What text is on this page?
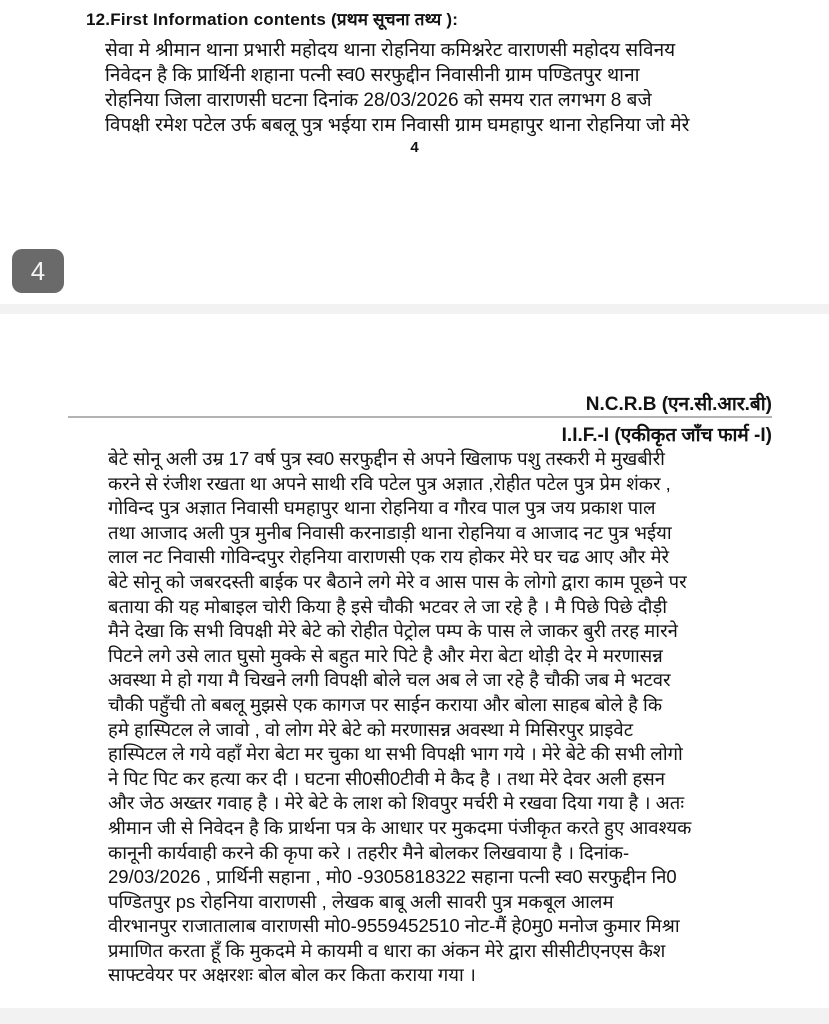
12.First Information contents (प्रथम सूचना तथ्य ):
सेवा मे श्रीमान थाना प्रभारी महोदय थाना रोहनिया कमिश्नरेट वाराणसी महोदय सविनय
निवेदन है कि प्रार्थिनी शहाना पत्नी स्व0 सरफुद्दीन निवासीनी ग्राम पण्डितपुर थाना
रोहनिया जिला वाराणसी घटना दिनांक 28/03/2026 को समय रात लगभग 8 बजे
विपक्षी रमेश पटेल उर्फ बबलू पुत्र भईया राम निवासी ग्राम घमहापुर थाना रोहनिया जो मेरे
4
4
N.C.R.B (एन.सी.आर.बी)
I.I.F.-I (एकीकृत जाँच फार्म -I)
बेटे सोनू अली उम्र 17 वर्ष पुत्र स्व0 सरफुद्दीन से अपने खिलाफ पशु तस्करी मे मुखबीरी
करने से रंजीश रखता था अपने साथी रवि पटेल पुत्र अज्ञात ,रोहीत पटेल पुत्र प्रेम शंकर ,
गोविन्द पुत्र अज्ञात निवासी घमहापुर थाना रोहनिया व गौरव पाल पुत्र जय प्रकाश पाल
तथा आजाद अली पुत्र मुनीब निवासी करनाडाड़ी थाना रोहनिया व आजाद नट पुत्र भईया
लाल नट निवासी गोविन्दपुर रोहनिया वाराणसी एक राय होकर मेरे घर चढ आए और मेरे
बेटे सोनू को जबरदस्ती बाईक पर बैठाने लगे मेरे व आस पास के लोगो द्वारा काम पूछने पर
बताया की यह मोबाइल चोरी किया है इसे चौकी भटवर ले जा रहे है । मै पिछे पिछे दौड़ी
मैने देखा कि सभी विपक्षी मेरे बेटे को रोहीत पेट्रोल पम्प के पास ले जाकर बुरी तरह मारने
पिटने लगे उसे लात घुसो मुक्के से बहुत मारे पिटे है और मेरा बेटा थोड़ी देर मे मरणासन्न
अवस्था मे हो गया मै चिखने लगी विपक्षी बोले चल अब ले जा रहे है चौकी जब मे भटवर
चौकी पहुँची तो बबलू मुझसे एक कागज पर साईन कराया और बोला साहब बोले है कि
हमे हास्पिटल ले जावो , वो लोग मेरे बेटे को मरणासन्न अवस्था मे मिसिरपुर प्राइवेट
हास्पिटल ले गये वहाँ मेरा बेटा मर चुका था सभी विपक्षी भाग गये । मेरे बेटे की सभी लोगो
ने पिट पिट कर हत्या कर दी । घटना सी0सी0टीवी मे कैद है । तथा मेरे देवर अली हसन
और जेठ अख्तर गवाह है । मेरे बेटे के लाश को शिवपुर मर्चरी मे रखवा दिया गया है । अतः
श्रीमान जी से निवेदन है कि प्रार्थना पत्र के आधार पर मुकदमा पंजीकृत करते हुए आवश्यक
कानूनी कार्यवाही करने की कृपा करे । तहरीर मैने बोलकर लिखवाया है । दिनांक-
29/03/2026 , प्रार्थिनी सहाना , मो0 -9305818322 सहाना पत्नी स्व0 सरफुद्दीन नि0
पण्डितपुर ps रोहनिया वाराणसी , लेखक बाबू अली सावरी पुत्र मकबूल आलम
वीरभानपुर राजातालाब वाराणसी मो0-9559452510 नोट-मैं हे0मु0 मनोज कुमार मिश्रा
प्रमाणित करता हूँ कि मुकदमे मे कायमी व धारा का अंकन मेरे द्वारा सीसीटीएनएस कैश
साफ्टवेयर पर अक्षरशः बोल बोल कर किता कराया गया ।
